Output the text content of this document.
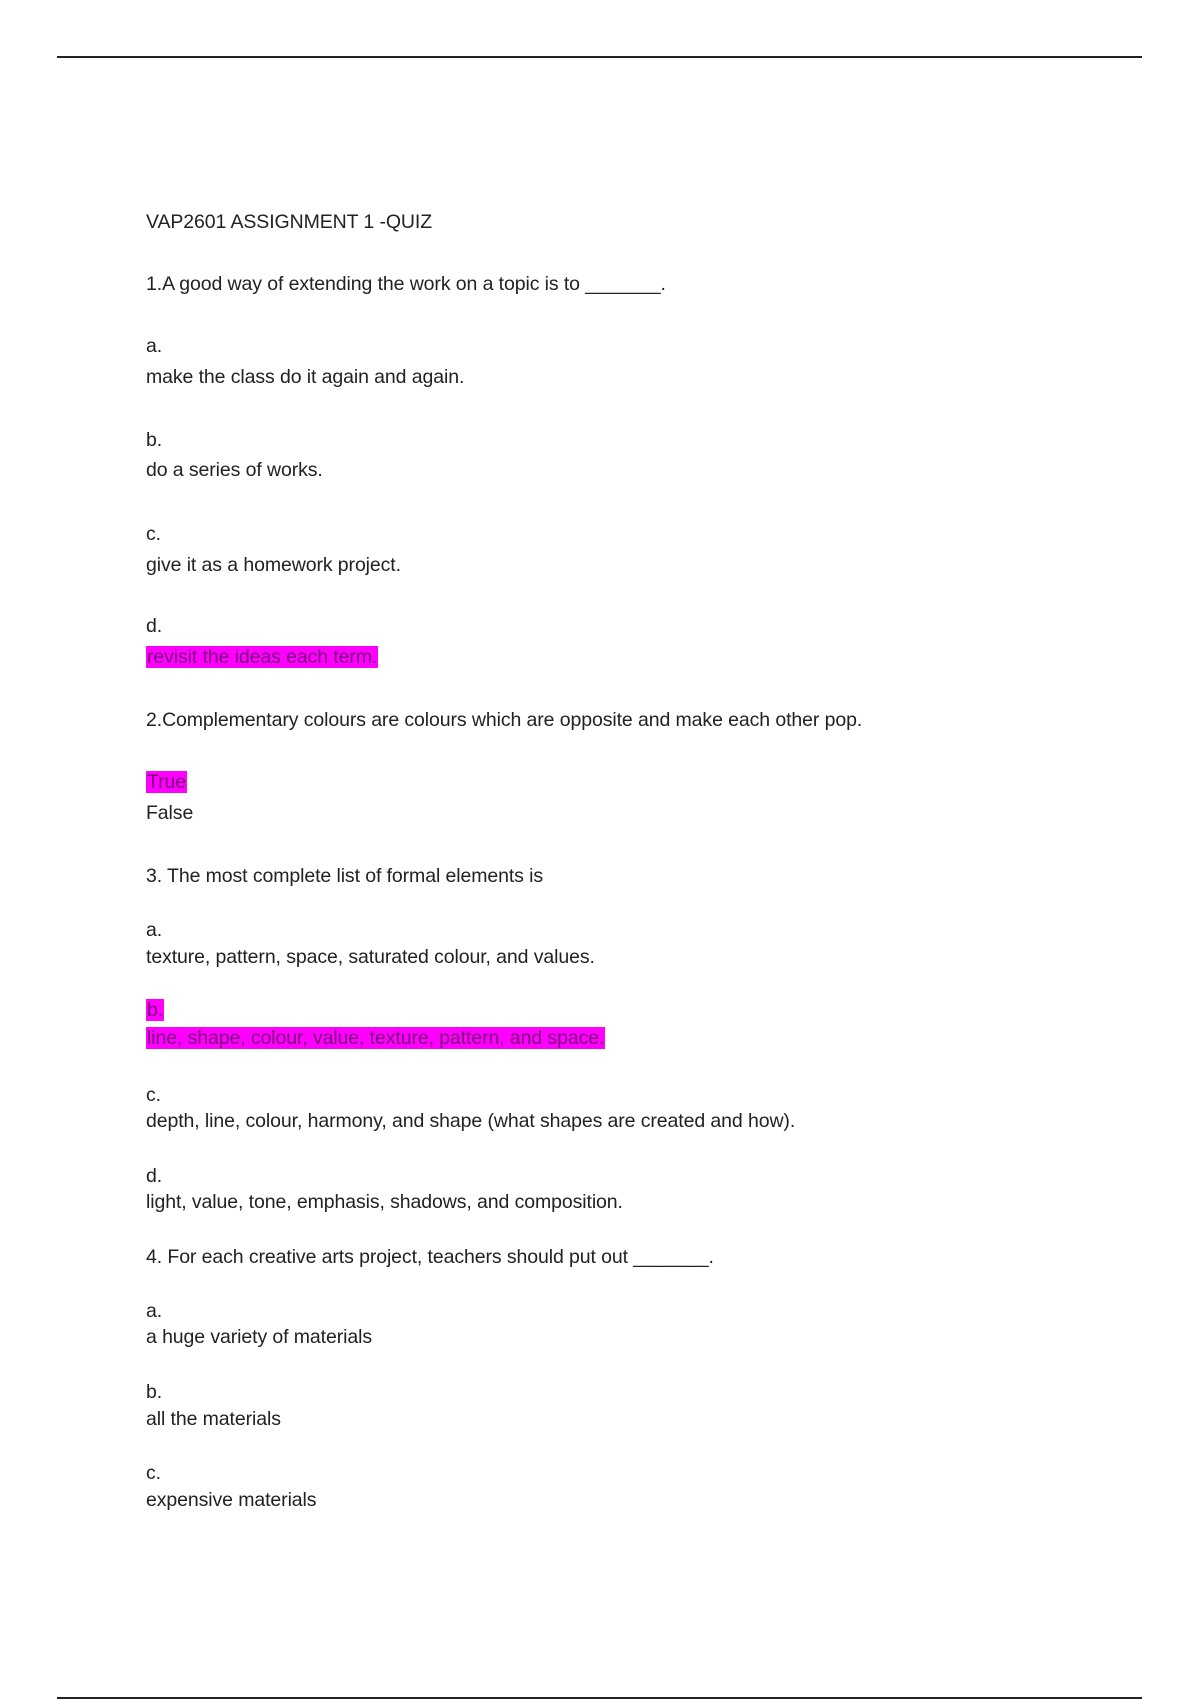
VAP2601 ASSIGNMENT 1 -QUIZ
1.A good way of extending the work on a topic is to _______.
a.
make the class do it again and again.
b.
do a series of works.
c.
give it as a homework project.
d.
revisit the ideas each term.
2.Complementary colours are colours which are opposite and make each other pop.
True
False
3. The most complete list of formal elements is
a.
texture, pattern, space, saturated colour, and values.
b.
line, shape, colour, value, texture, pattern, and space.
c.
depth, line, colour, harmony, and shape (what shapes are created and how).
d.
light, value, tone, emphasis, shadows, and composition.
4. For each creative arts project, teachers should put out _______.
a.
a huge variety of materials
b.
all the materials
c.
expensive materials
